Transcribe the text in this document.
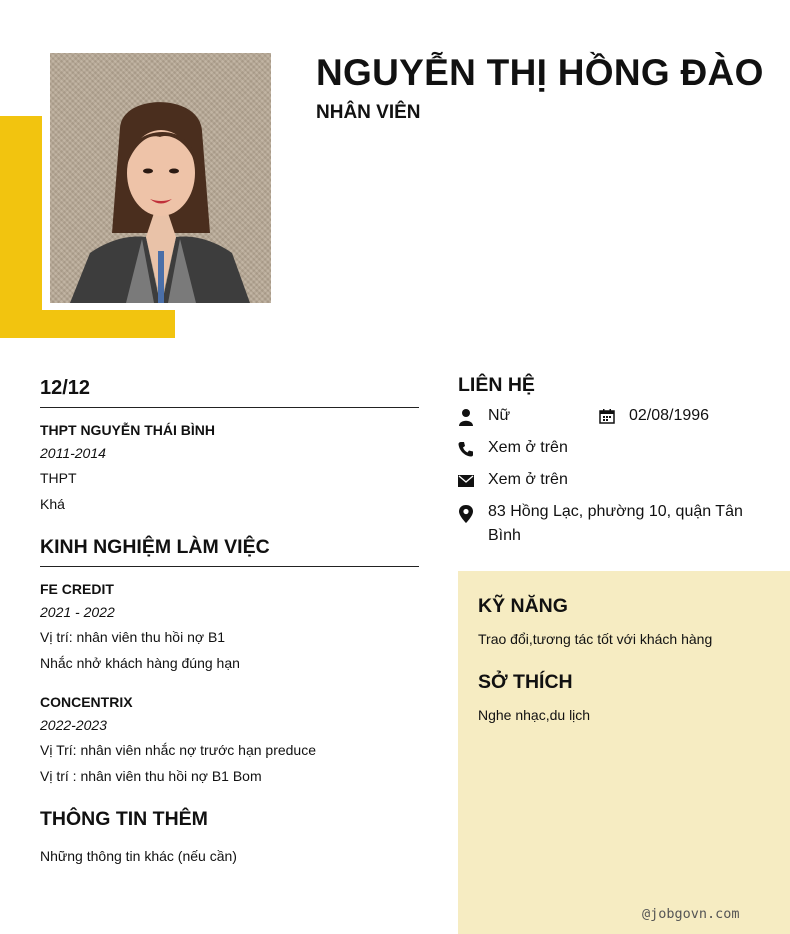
NGUYỄN THỊ HỒNG ĐÀO
NHÂN VIÊN
12/12

THPT NGUYỄN THÁI BÌNH

2011-2014

THPT

Khá

KINH NGHIỆM LÀM VIỆC

FE CREDIT

2021 - 2022

Vị trí: nhân viên thu hồi nợ B1

Nhắc nhở khách hàng đúng hạn

CONCENTRIX

2022-2023

Vị Trí: nhân viên nhắc nợ trước hạn preduce

Vị trí : nhân viên thu hồi nợ B1 Bom

THÔNG TIN THÊM

Những thông tin khác (nếu cần)

LIÊN HỆ

Nữ	02/08/1996

Xem ở trên

Xem ở trên

83 Hồng Lạc, phường 10, quận Tân

Bình

KỸ NĂNG

Trao đổi,tương tác tốt với khách hàng

SỞ THÍCH

Nghe nhạc,du lịch

@jobgovn.com
